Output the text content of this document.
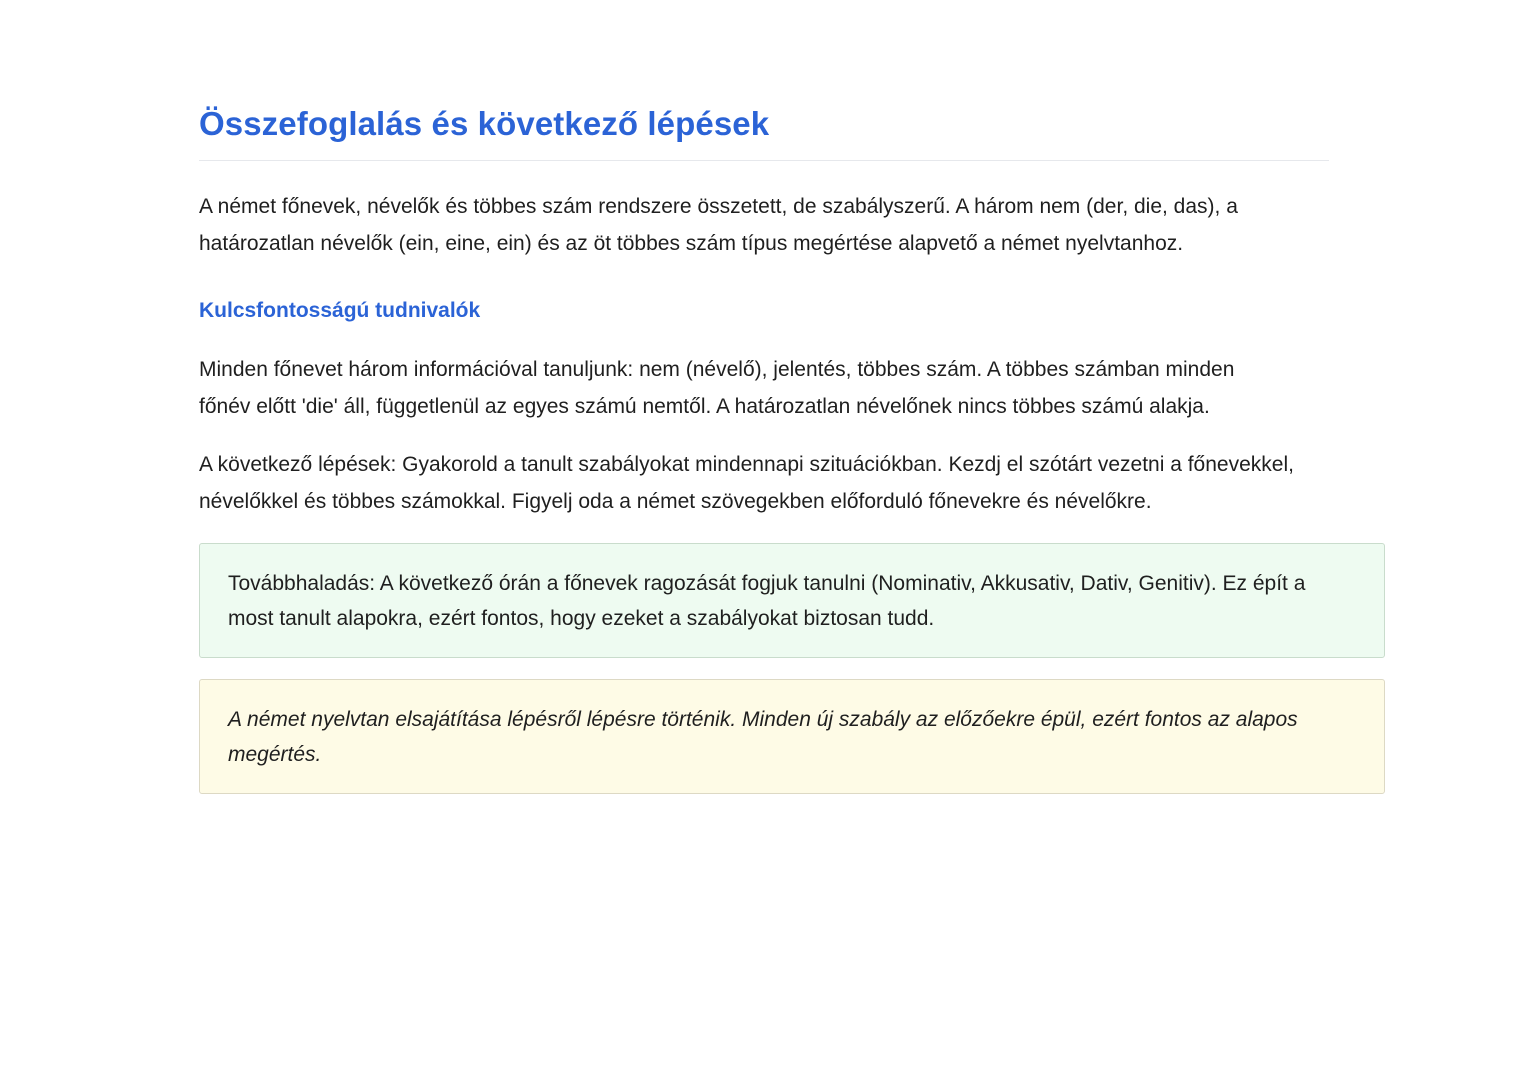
Összefoglalás és következő lépések

A német főnevek, névelők és többes szám rendszere összetett, de szabályszerű. A három nem (der, die, das), a határozatlan névelők (ein, eine, ein) és az öt többes szám típus megértése alapvető a német nyelvtanhoz.

Kulcsfontosságú tudnivalók

Minden főnevet három információval tanuljunk: nem (névelő), jelentés, többes szám. A többes számban minden főnév előtt 'die' áll, függetlenül az egyes számú nemtől. A határozatlan névelőnek nincs többes számú alakja.

A következő lépések: Gyakorold a tanult szabályokat mindennapi szituációkban. Kezdj el szótárt vezetni a főnevekkel, névelőkkel és többes számokkal. Figyelj oda a német szövegekben előforduló főnevekre és névelőkre.

Továbbhaladás: A következő órán a főnevek ragozását fogjuk tanulni (Nominativ, Akkusativ, Dativ, Genitiv). Ez épít a most tanult alapokra, ezért fontos, hogy ezeket a szabályokat biztosan tudd.
A német nyelvtan elsajátítása lépésről lépésre történik. Minden új szabály az előzőekre épül, ezért fontos az alapos megértés.
